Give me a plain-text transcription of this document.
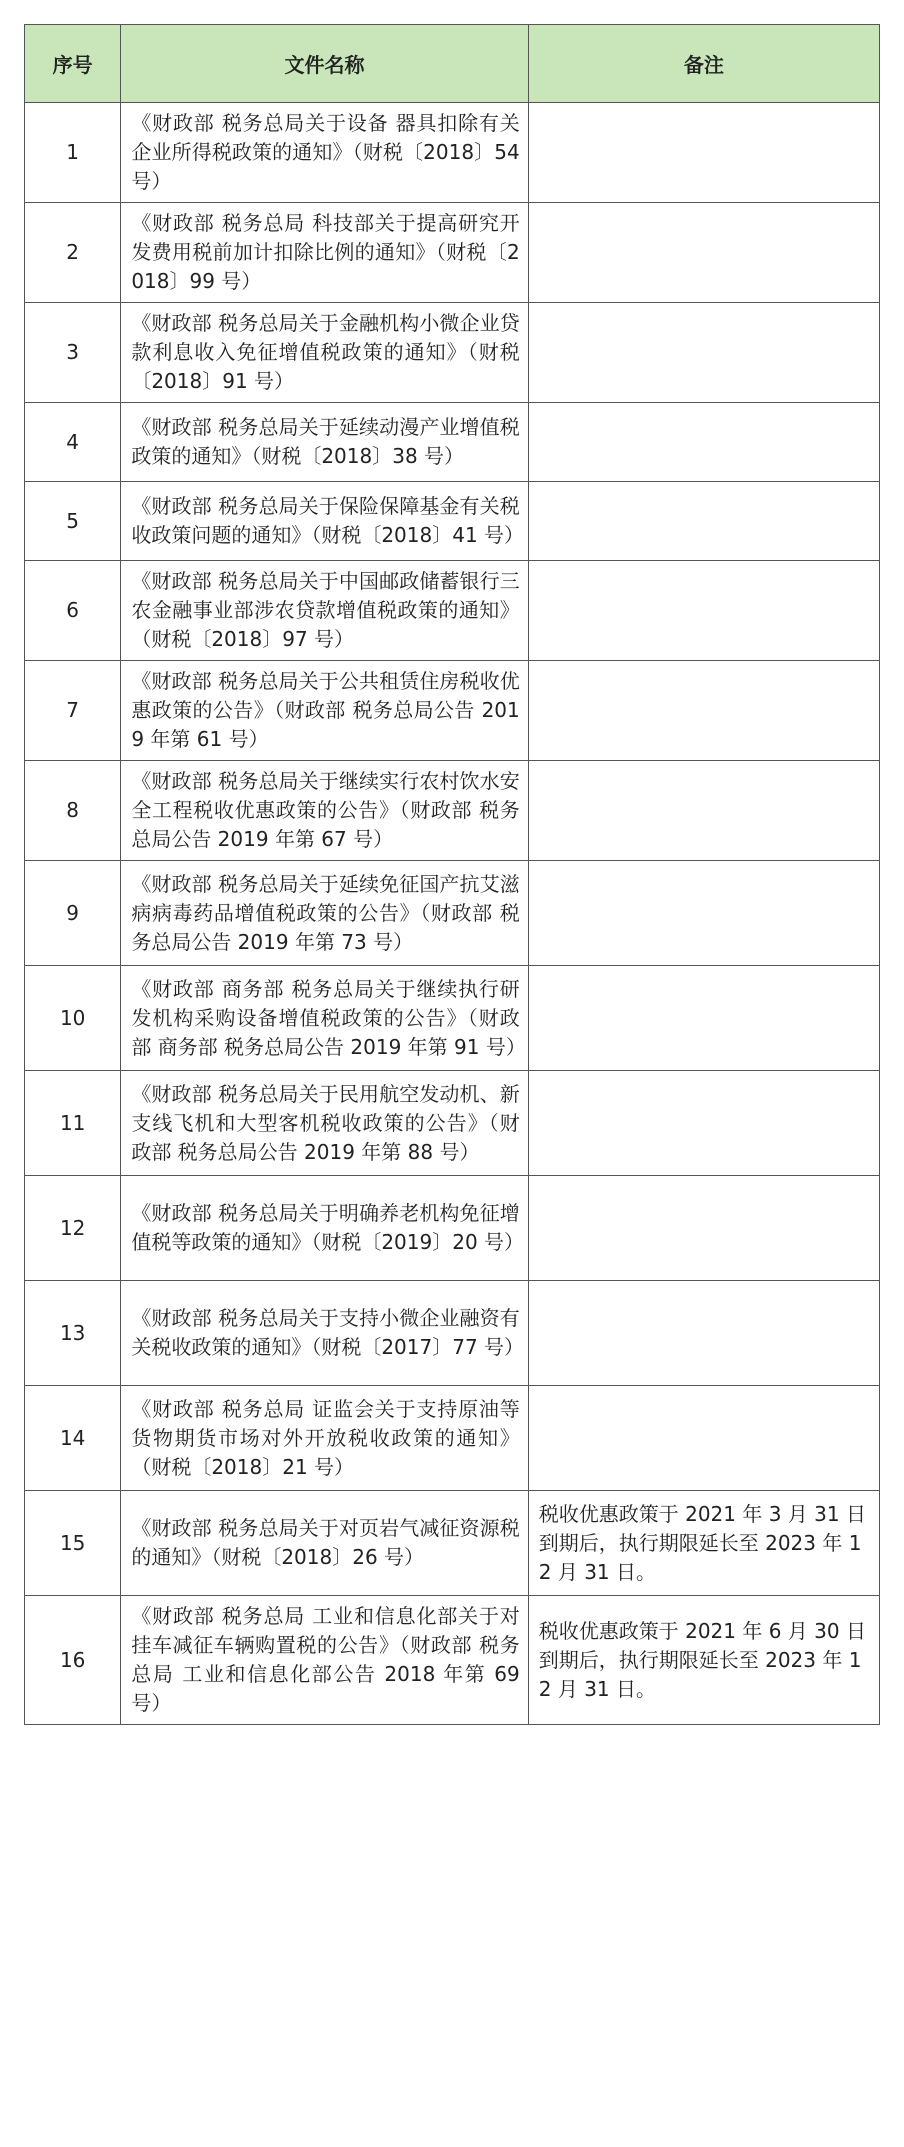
序号	文件名称	备注
1	《财政部 税务总局关于设备 器具扣除有关企业所得税政策的通知》（财税〔2018〕54 号）	
2	《财政部 税务总局 科技部关于提高研究开发费用税前加计扣除比例的通知》（财税〔2018〕99 号）	
3	《财政部 税务总局关于金融机构小微企业贷款利息收入免征增值税政策的通知》（财税〔2018〕91 号）	
4	《财政部 税务总局关于延续动漫产业增值税政策的通知》（财税〔2018〕38 号）	
5	《财政部 税务总局关于保险保障基金有关税收政策问题的通知》（财税〔2018〕41 号）	
6	《财政部 税务总局关于中国邮政储蓄银行三农金融事业部涉农贷款增值税政策的通知》（财税〔2018〕97 号）	
7	《财政部 税务总局关于公共租赁住房税收优惠政策的公告》（财政部 税务总局公告 2019 年第 61 号）	
8	《财政部 税务总局关于继续实行农村饮水安全工程税收优惠政策的公告》（财政部 税务总局公告 2019 年第 67 号）	
9	《财政部 税务总局关于延续免征国产抗艾滋病病毒药品增值税政策的公告》（财政部 税务总局公告 2019 年第 73 号）	
10	《财政部 商务部 税务总局关于继续执行研发机构采购设备增值税政策的公告》（财政部 商务部 税务总局公告 2019 年第 91 号）	
11	《财政部 税务总局关于民用航空发动机、新支线飞机和大型客机税收政策的公告》（财政部 税务总局公告 2019 年第 88 号）	
12	《财政部 税务总局关于明确养老机构免征增值税等政策的通知》（财税〔2019〕20 号）	
13	《财政部 税务总局关于支持小微企业融资有关税收政策的通知》（财税〔2017〕77 号）	
14	《财政部 税务总局 证监会关于支持原油等货物期货市场对外开放税收政策的通知》（财税〔2018〕21 号）	
15	《财政部 税务总局关于对页岩气减征资源税的通知》（财税〔2018〕26 号）	税收优惠政策于 2021 年 3 月 31 日到期后，执行期限延长至 2023 年 12 月 31 日。
16	《财政部 税务总局 工业和信息化部关于对挂车减征车辆购置税的公告》（财政部 税务总局 工业和信息化部公告 2018 年第 69 号）	税收优惠政策于 2021 年 6 月 30 日到期后，执行期限延长至 2023 年 12 月 31 日。
